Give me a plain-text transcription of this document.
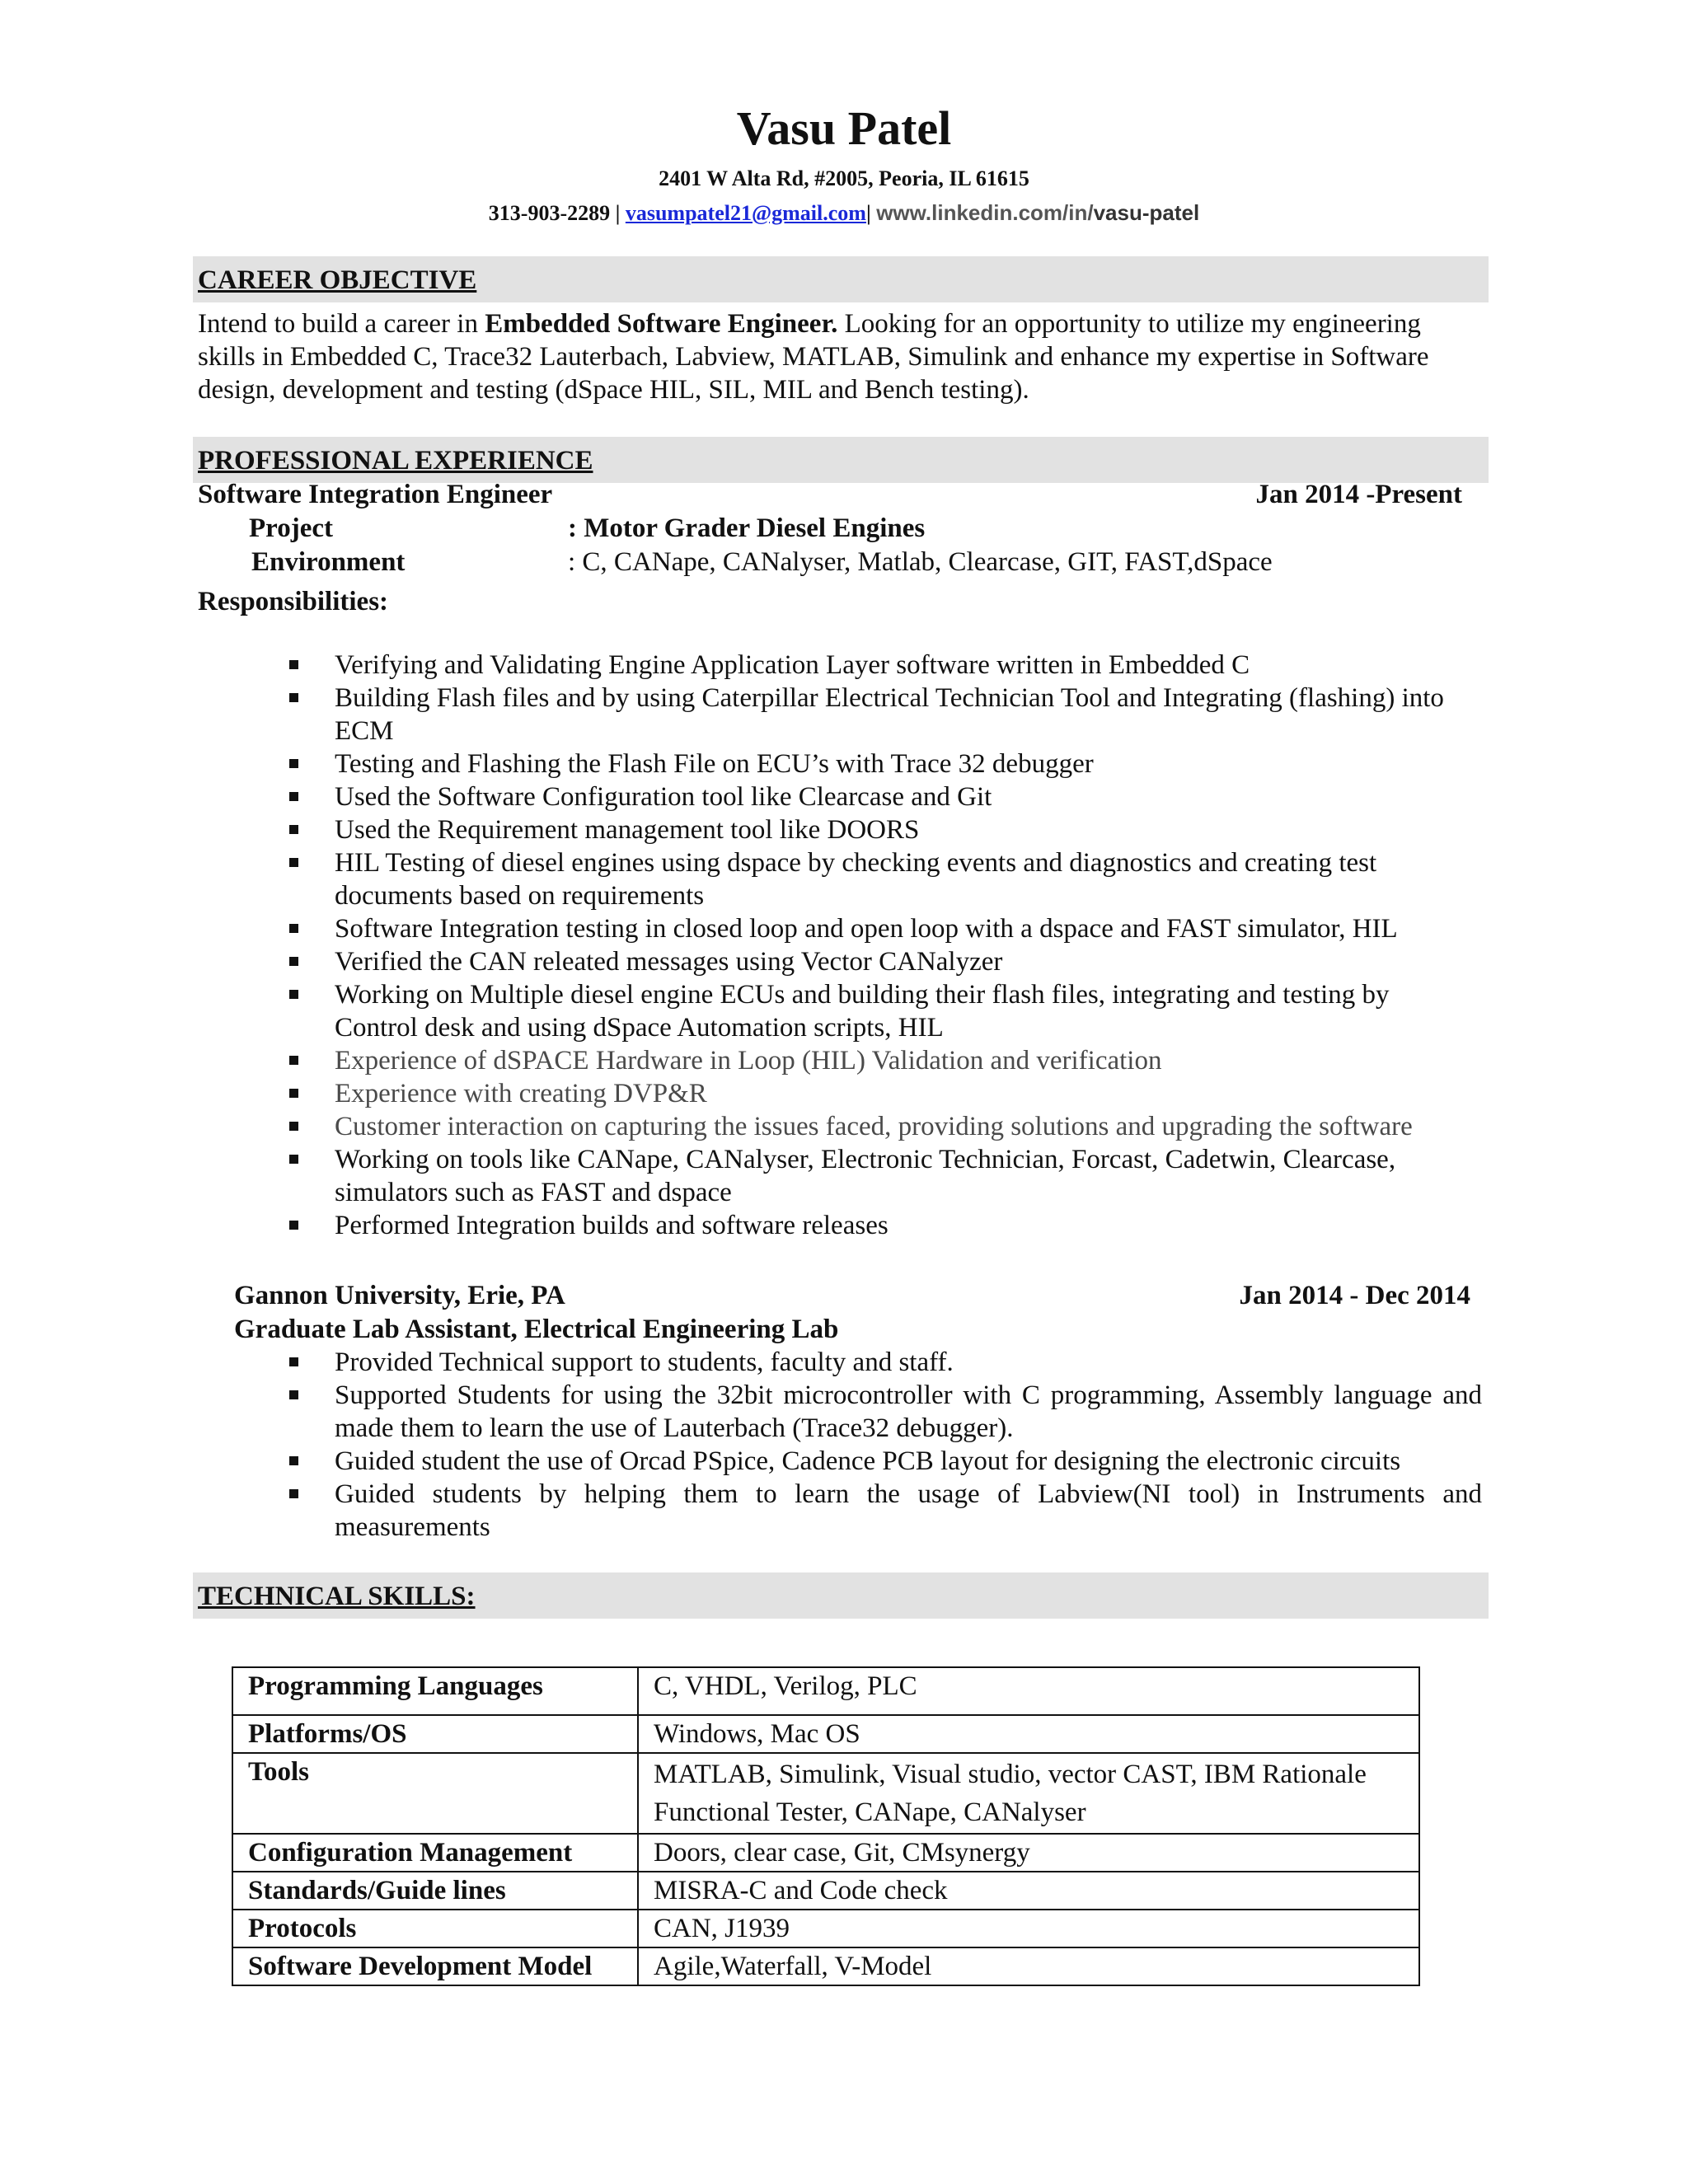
Vasu Patel
2401 W Alta Rd, #2005, Peoria, IL 61615
313-903-2289 | vasumpatel21@gmail.com| www.linkedin.com/in/vasu-patel
CAREER OBJECTIVE
Intend to build a career in Embedded Software Engineer. Looking for an opportunity to utilize my engineering skills in Embedded C, Trace32 Lauterbach, Labview, MATLAB, Simulink and enhance my expertise in Software design, development and testing (dSpace HIL, SIL, MIL and Bench testing).
PROFESSIONAL EXPERIENCE
Software Integration Engineer	Jan 2014 -Present
Project	: Motor Grader Diesel Engines
Environment	: C, CANape, CANalyser, Matlab, Clearcase, GIT, FAST,dSpace
Responsibilities:
Verifying and Validating Engine Application Layer software written in Embedded C
Building Flash files and by using Caterpillar Electrical Technician Tool and Integrating (flashing) into ECM
Testing and Flashing the Flash File on ECU’s with Trace 32 debugger
Used the Software Configuration tool like Clearcase and Git
Used the Requirement management tool like DOORS
HIL Testing of diesel engines using dspace by checking events and diagnostics and creating test documents based on requirements
Software Integration testing in closed loop and open loop with a dspace and FAST simulator, HIL
Verified the CAN releated messages using Vector CANalyzer
Working on Multiple diesel engine ECUs and building their flash files, integrating and testing by Control desk and using dSpace Automation scripts, HIL
Experience of dSPACE Hardware in Loop (HIL) Validation and verification
Experience with creating DVP&R
Customer interaction on capturing the issues faced, providing solutions and upgrading the software
Working on tools like CANape, CANalyser, Electronic Technician, Forcast, Cadetwin, Clearcase, simulators such as FAST and dspace
Performed Integration builds and software releases
Gannon University, Erie, PA	Jan 2014 - Dec 2014
Graduate Lab Assistant, Electrical Engineering Lab
Provided Technical support to students, faculty and staff.
Supported Students for using the 32bit microcontroller with C programming, Assembly language and made them to learn the use of Lauterbach (Trace32 debugger).
Guided student the use of Orcad PSpice, Cadence PCB layout for designing the electronic circuits
Guided students by helping them to learn the usage of Labview(NI tool) in Instruments and measurements
TECHNICAL SKILLS:
Programming Languages	C, VHDL, Verilog, PLC
Platforms/OS	Windows, Mac OS
Tools	MATLAB, Simulink, Visual studio, vector CAST, IBM Rationale Functional Tester, CANape, CANalyser
Configuration Management	Doors, clear case, Git, CMsynergy
Standards/Guide lines	MISRA-C and Code check
Protocols	CAN, J1939
Software Development Model	Agile,Waterfall, V-Model
